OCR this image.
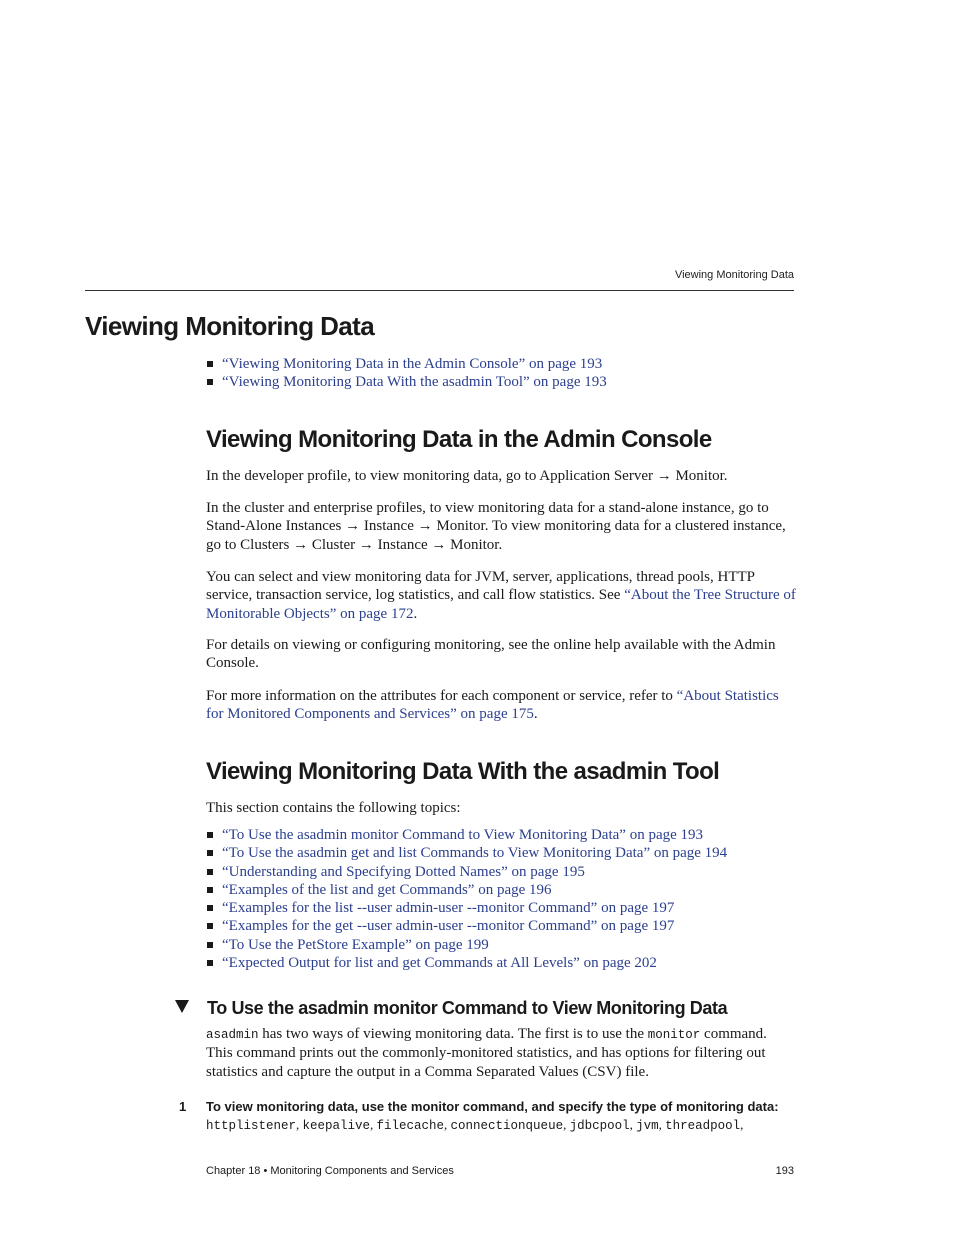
Viewing Monitoring Data
Viewing Monitoring Data
“Viewing Monitoring Data in the Admin Console” on page 193
“Viewing Monitoring Data With the asadmin Tool” on page 193
Viewing Monitoring Data in the Admin Console

In the developer profile, to view monitoring data, go to Application Server → Monitor.

In the cluster and enterprise profiles, to view monitoring data for a stand-alone instance, go to Stand-Alone Instances → Instance → Monitor. To view monitoring data for a clustered instance, go to Clusters → Cluster → Instance → Monitor.

You can select and view monitoring data for JVM, server, applications, thread pools, HTTP service, transaction service, log statistics, and call flow statistics. See “About the Tree Structure of Monitorable Objects” on page 172.

For details on viewing or configuring monitoring, see the online help available with the Admin Console.

For more information on the attributes for each component or service, refer to “About Statistics for Monitored Components and Services” on page 175.

Viewing Monitoring Data With the asadmin Tool

This section contains the following topics:

“To Use the asadmin monitor Command to View Monitoring Data” on page 193
“To Use the asadmin get and list Commands to View Monitoring Data” on page 194
“Understanding and Specifying Dotted Names” on page 195
“Examples of the list and get Commands” on page 196
“Examples for the list --user admin-user --monitor Command” on page 197
“Examples for the get --user admin-user --monitor Command” on page 197
“To Use the PetStore Example” on page 199
“Expected Output for list and get Commands at All Levels” on page 202
To Use the asadmin monitor Command to View Monitoring Data

asadmin has two ways of viewing monitoring data. The first is to use the monitor command. This command prints out the commonly-monitored statistics, and has options for filtering out statistics and capture the output in a Comma Separated Values (CSV) file.

1 To view monitoring data, use the monitor command, and specify the type of monitoring data:
httplistener, keepalive, filecache, connectionqueue, jdbcpool, jvm, threadpool,
Chapter 18 • Monitoring Components and Services	193
